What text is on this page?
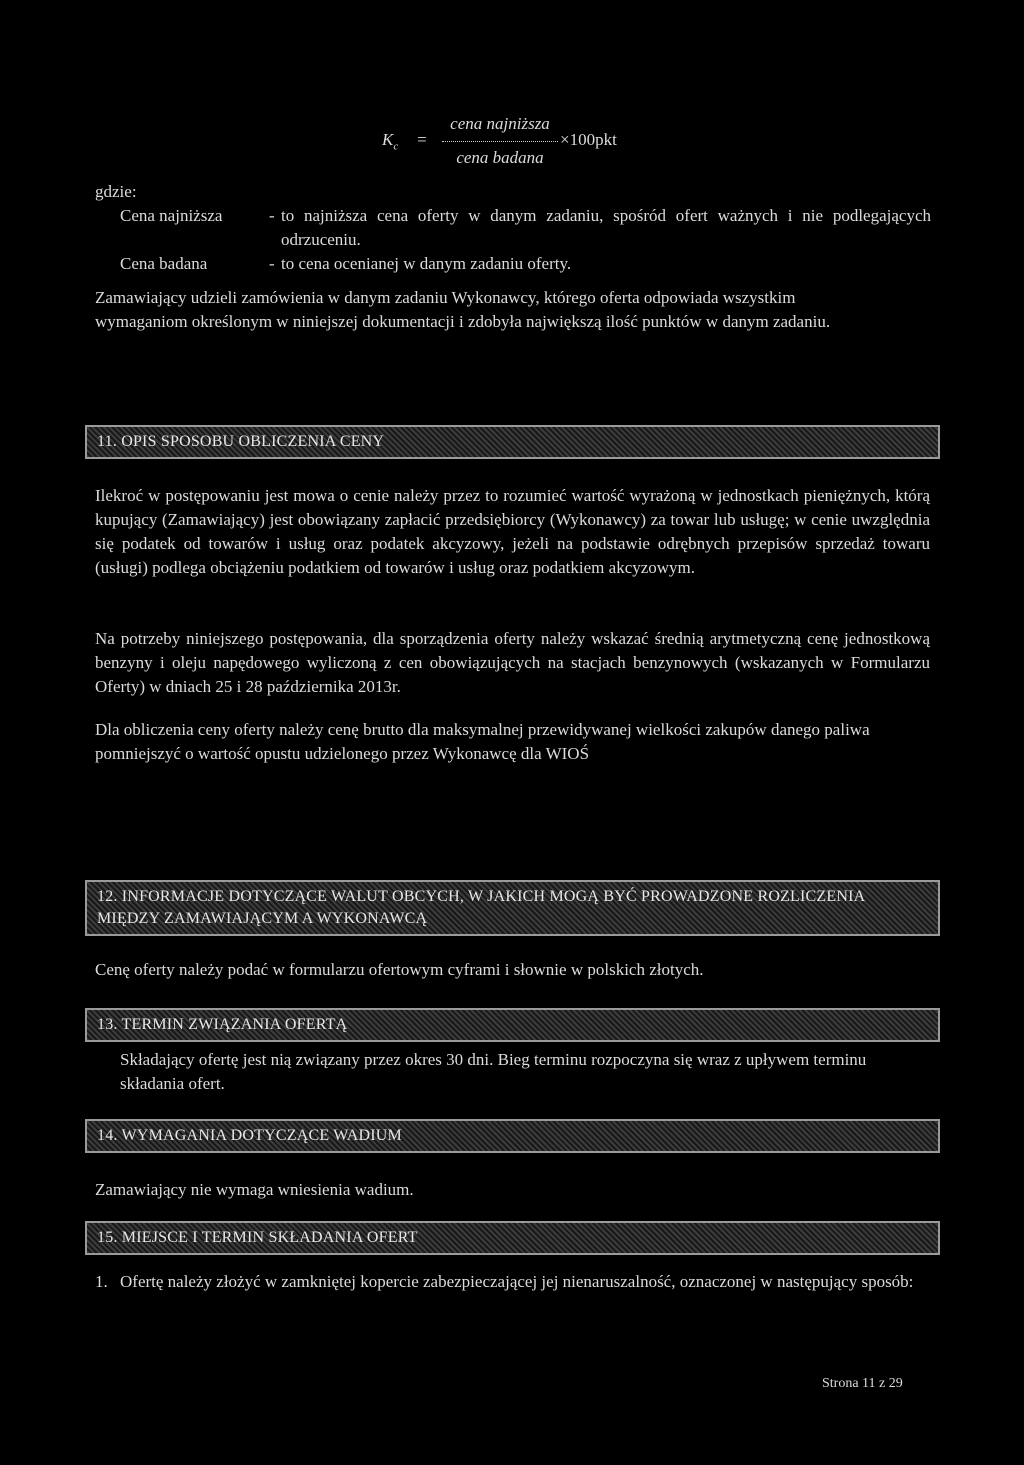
$K_c$ =
cena najniższa
cena badana
×100pkt
gdzie:
Cena najniższa	- to najniższa cena oferty w danym zadaniu, spośród ofert ważnych i nie podlegających odrzuceniu.
Cena badana	- to cena ocenianej w danym zadaniu oferty.
Zamawiający udzieli zamówienia w danym zadaniu Wykonawcy, którego oferta odpowiada wszystkim wymaganiom określonym w niniejszej dokumentacji i zdobyła największą ilość punktów w danym zadaniu.
11. OPIS SPOSOBU OBLICZENIA CENY
Ilekroć w postępowaniu jest mowa o cenie należy przez to rozumieć wartość wyrażoną w jednostkach pieniężnych, którą kupujący (Zamawiający) jest obowiązany zapłacić przedsiębiorcy (Wykonawcy) za towar lub usługę; w cenie uwzględnia się podatek od towarów i usług oraz podatek akcyzowy, jeżeli na podstawie odrębnych przepisów sprzedaż towaru (usługi) podlega obciążeniu podatkiem od towarów i usług oraz podatkiem akcyzowym.
Na potrzeby niniejszego postępowania, dla sporządzenia oferty należy wskazać średnią arytmetyczną cenę jednostkową benzyny i oleju napędowego wyliczoną z cen obowiązujących na stacjach benzynowych (wskazanych w Formularzu Oferty) w dniach 25 i 28 października 2013r.
Dla obliczenia ceny oferty należy cenę brutto dla maksymalnej przewidywanej wielkości zakupów danego paliwa pomniejszyć o wartość opustu udzielonego przez Wykonawcę dla WIOŚ
12. INFORMACJE DOTYCZĄCE WALUT OBCYCH, W JAKICH MOGĄ BYĆ PROWADZONE ROZLICZENIA MIĘDZY ZAMAWIAJĄCYM A WYKONAWCĄ
Cenę oferty należy podać w formularzu ofertowym cyframi i słownie w polskich złotych.
13. TERMIN ZWIĄZANIA OFERTĄ
Składający ofertę jest nią związany przez okres 30 dni. Bieg terminu rozpoczyna się wraz z upływem terminu składania ofert.
14. WYMAGANIA DOTYCZĄCE WADIUM
Zamawiający nie wymaga wniesienia wadium.
15. MIEJSCE I TERMIN SKŁADANIA OFERT
1. Ofertę należy złożyć w zamkniętej kopercie zabezpieczającej jej nienaruszalność, oznaczonej w następujący sposób:
Strona 11 z 29
